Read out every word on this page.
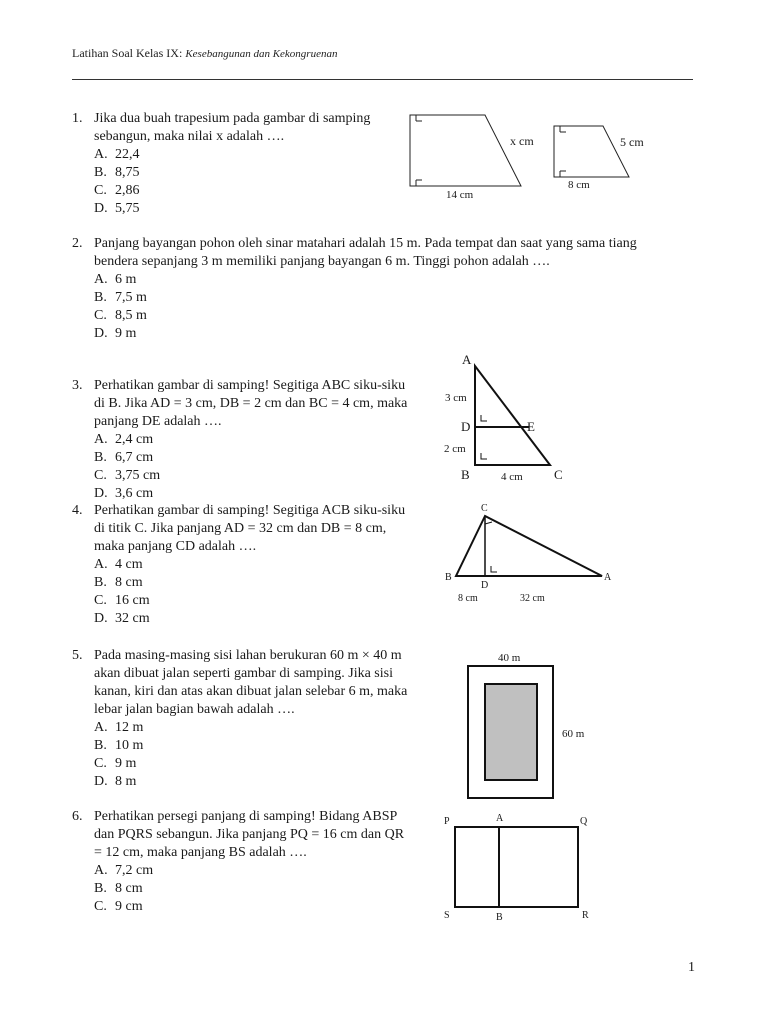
Latihan Soal Kelas IX: Kesebangunan dan Kekongruenan
1. Jika dua buah trapesium pada gambar di samping
sebangun, maka nilai x adalah ….
A. 22,4
B. 8,75
C. 2,86
D. 5,75
x cm
14 cm
5 cm
8 cm
2. Panjang bayangan pohon oleh sinar matahari adalah 15 m. Pada tempat dan saat yang sama tiang
bendera sepanjang 3 m memiliki panjang bayangan 6 m. Tinggi pohon adalah ….
A. 6 m
B. 7,5 m
C. 8,5 m
D. 9 m
3. Perhatikan gambar di samping! Segitiga ABC siku-siku
di B. Jika AD = 3 cm, DB = 2 cm dan BC = 4 cm, maka
panjang DE adalah ….
A. 2,4 cm
B. 6,7 cm
C. 3,75 cm
D. 3,6 cm
A
3 cm
D	E
2 cm
B	4 cm C
4. Perhatikan gambar di samping! Segitiga ACB siku-siku
di titik C. Jika panjang AD = 32 cm dan DB = 8 cm,
maka panjang CD adalah ….
A. 4 cm
B. 8 cm
C. 16 cm
D. 32 cm
C
B
D
A
8 cm	32 cm
5. Pada masing-masing sisi lahan berukuran 60 m × 40 m
akan dibuat jalan seperti gambar di samping. Jika sisi
kanan, kiri dan atas akan dibuat jalan selebar 6 m, maka
lebar jalan bagian bawah adalah ….
A. 12 m
B. 10 m
C. 9 m
D. 8 m
40 m
60 m
6. Perhatikan persegi panjang di samping! Bidang ABSP
dan PQRS sebangun. Jika panjang PQ = 16 cm dan QR
= 12 cm, maka panjang BS adalah ….
A. 7,2 cm
B. 8 cm
C. 9 cm
P	A	Q
S	B	R
1
